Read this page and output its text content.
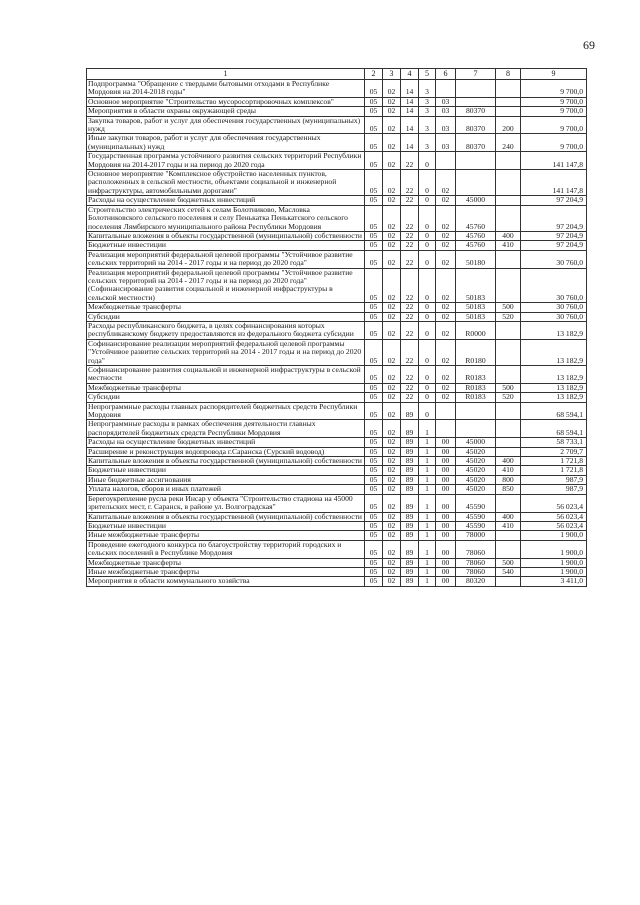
69
1	2	3	4	5	6	7	8	9
Подпрограмма "Обращение с твердыми бытовыми отходами в Республике Мордовия на 2014-2018 годы"	05	02	14	3				9 700,0
Основное мероприятие "Строительство мусоросортировочных комплексов"	05	02	14	3	03			9 700,0
Мероприятия в области охраны окружающей среды	05	02	14	3	03	80370		9 700,0
Закупка товаров, работ и услуг для обеспечения государственных (муниципальных) нужд	05	02	14	3	03	80370	200	9 700,0
Иные закупки товаров, работ и услуг для обеспечения государственных (муниципальных) нужд	05	02	14	3	03	80370	240	9 700,0
Государственная программа устойчивого развития сельских территорий Республики Мордовия на 2014-2017 годы и на период до 2020 года	05	02	22	0				141 147,8
Основное мероприятие "Комплексное обустройство населенных пунктов, расположенных в сельской местности, объектами социальной и инженерной инфраструктуры, автомобильными дорогами"	05	02	22	0	02			141 147,8
Расходы на осуществление бюджетных инвестиций	05	02	22	0	02	45000		97 204,9
Строительство электрических сетей к селам Болотниково, Масловка Болотниковского сельского поселения и селу Пенькатка Пенькатского сельского поселения Лямбирского муниципального района Республики Мордовия	05	02	22	0	02	45760		97 204,9
Капитальные вложения в объекты государственной (муниципальной) собственности	05	02	22	0	02	45760	400	97 204,9
Бюджетные инвестиции	05	02	22	0	02	45760	410	97 204,9
Реализация мероприятий федеральной целевой программы "Устойчивое развитие сельских территорий на 2014 - 2017 годы и на период до 2020 года"	05	02	22	0	02	50180		30 760,0
Реализация мероприятий федеральной целевой программы "Устойчивое развитие сельских территорий на 2014 - 2017 годы и на период до 2020 года" (Софинансирование развития социальной и инженерной инфраструктуры в сельской местности)	05	02	22	0	02	50183		30 760,0
Межбюджетные трансферты	05	02	22	0	02	50183	500	30 760,0
Субсидии	05	02	22	0	02	50183	520	30 760,0
Расходы республиканского бюджета, в целях софинансирования которых республиканскому бюджету предоставляются из федерального бюджета субсидии	05	02	22	0	02	R0000		13 182,9
Софинансирование реализации мероприятий федеральной целевой программы "Устойчивое развитие сельских территорий на 2014 - 2017 годы и на период до 2020 года"	05	02	22	0	02	R0180		13 182,9
Софинансирование развития социальной и инженерной инфраструктуры в сельской местности	05	02	22	0	02	R0183		13 182,9
Межбюджетные трансферты	05	02	22	0	02	R0183	500	13 182,9
Субсидии	05	02	22	0	02	R0183	520	13 182,9
Непрограммные расходы главных распорядителей бюджетных средств Республики Мордовия	05	02	89	0				68 594,1
Непрограммные расходы в рамках обеспечения деятельности главных распорядителей бюджетных средств Республики Мордовия	05	02	89	1				68 594,1
Расходы на осуществление бюджетных инвестиций	05	02	89	1	00	45000		58 733,1
Расширение и реконструкция водопровода г.Саранска (Сурский водовод)	05	02	89	1	00	45020		2 709,7
Капитальные вложения в объекты государственной (муниципальной) собственности	05	02	89	1	00	45020	400	1 721,8
Бюджетные инвестиции	05	02	89	1	00	45020	410	1 721,8
Иные бюджетные ассигнования	05	02	89	1	00	45020	800	987,9
Уплата налогов, сборов и иных платежей	05	02	89	1	00	45020	850	987,9
Берегоукрепление русла реки Инсар у объекта "Строительство стадиона на 45000 зрительских мест, г. Саранск, в районе ул. Волгоградская"	05	02	89	1	00	45590		56 023,4
Капитальные вложения в объекты государственной (муниципальной) собственности	05	02	89	1	00	45590	400	56 023,4
Бюджетные инвестиции	05	02	89	1	00	45590	410	56 023,4
Иные межбюджетные трансферты	05	02	89	1	00	78000		1 900,0
Проведение ежегодного конкурса по благоустройству территорий городских и сельских поселений в Республике Мордовия	05	02	89	1	00	78060		1 900,0
Межбюджетные трансферты	05	02	89	1	00	78060	500	1 900,0
Иные межбюджетные трансферты	05	02	89	1	00	78060	540	1 900,0
Мероприятия в области коммунального хозяйства	05	02	89	1	00	80320		3 411,0
